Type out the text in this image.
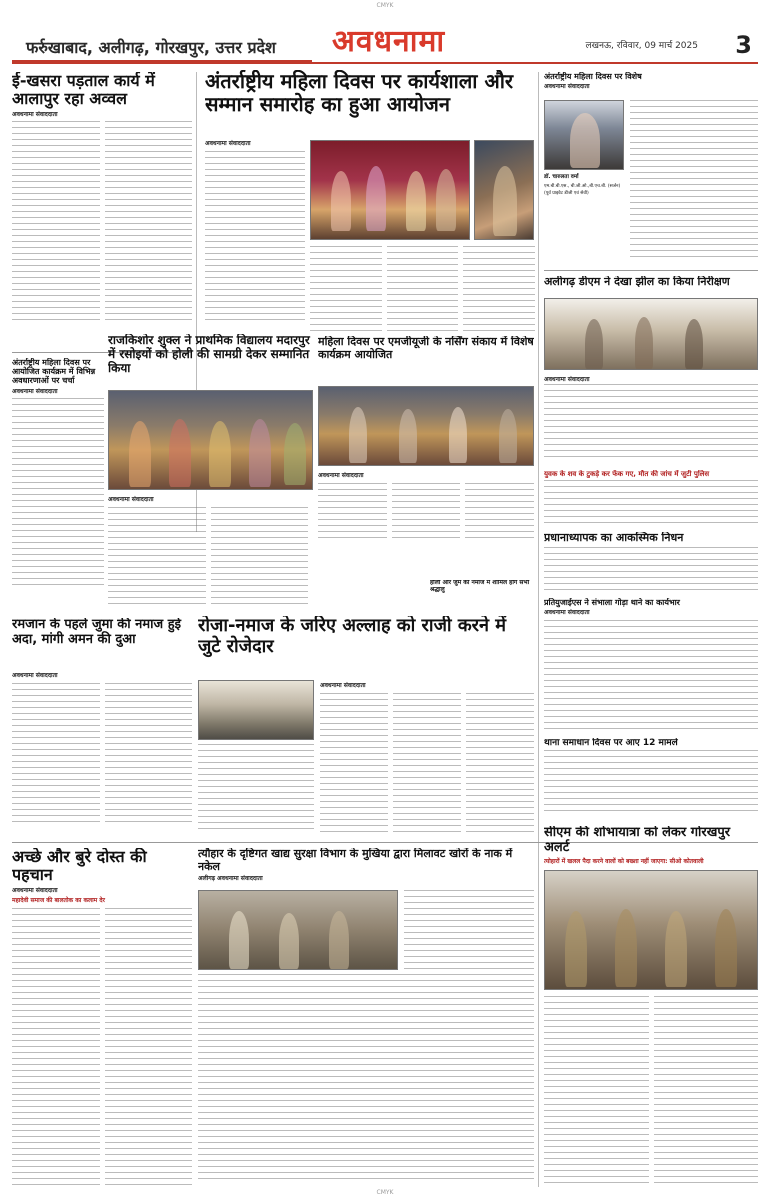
CMYK
फर्रुखाबाद, अलीगढ़, गोरखपुर, उत्तर प्रदेश अवधनामा	लखनऊ, रविवार, 09 मार्च 2025 3
ई-खसरा पड़ताल कार्य में आलापुर रहा अव्वल
अवधनामा संवाददाता
अंतर्राष्ट्रीय महिला दिवस पर आयोजित कार्यक्रम में विभिन्न अवधारणाओं पर चर्चा
अवधनामा संवाददाता
अंतर्राष्ट्रीय महिला दिवस पर कार्यशाला और सम्मान समारोह का हुआ आयोजन
अवधनामा संवाददाता
अंतर्राष्ट्रीय महिला दिवस पर विशेष
अवधनामा संवाददाता
डॉ. चारुलता वर्मा
एम.बी.बी.एस., बी.जी.ओ.,बी.एच.बी. (सर्जन) (पूर्व प्राइवेट डीजी एवं सेवी)
अलीगढ़ डीएम ने देखा झील का किया निरीक्षण
अवधनामा संवाददाता
राजकिशोर शुक्ल ने प्राथमिक विद्यालय मदारपुर में रसोइयों को होली की सामग्री देकर सम्मानित किया
अवधनामा संवाददाता
महिला दिवस पर एमजीयूजी के नर्सिंग संकाय में विशेष कार्यक्रम आयोजित
अवधनामा संवाददाता	युवक के शव के टुकड़े कर फेंक गए, मौत की जांच में जुटी पुलिस
प्रधानाध्यापक का आकस्मिक निधन
प्रतियुजाईएस ने संभाला गोड़ा थाने का कार्यभार
अवधनामा संवाददाता
थाना समाधान दिवस पर आए 12 मामले
रमजान के पहले जुमा की नमाज हुई अदा, मांगी अमन की दुआ
अवधनामा संवाददाता
रोजा-नमाज के जरिए अल्लाह को राजी करने में जुटे रोजेदार
अवधनामा संवाददाता
होली और जुमे की नमाज में शामिल होंगे सभी श्रद्धालु
अच्छे और बुरे दोस्त की पहचान
अवधनामा संवाददाता
महादेवी समाज की बालतोक का कलाम देर
त्यौहार के दृष्टिगत खाद्य सुरक्षा विभाग के मुखिया द्वारा मिलावट खोरों के नाक में नकेल
अलीगढ़ अवधनामा संवाददाता
सीएम की शोभायात्रा को लेकर गोरखपुर अलर्ट
त्योहारों में खलल पैदा करने वालों को बख्शा नहीं जाएगा: सीओ कोतवाली
CMYK
